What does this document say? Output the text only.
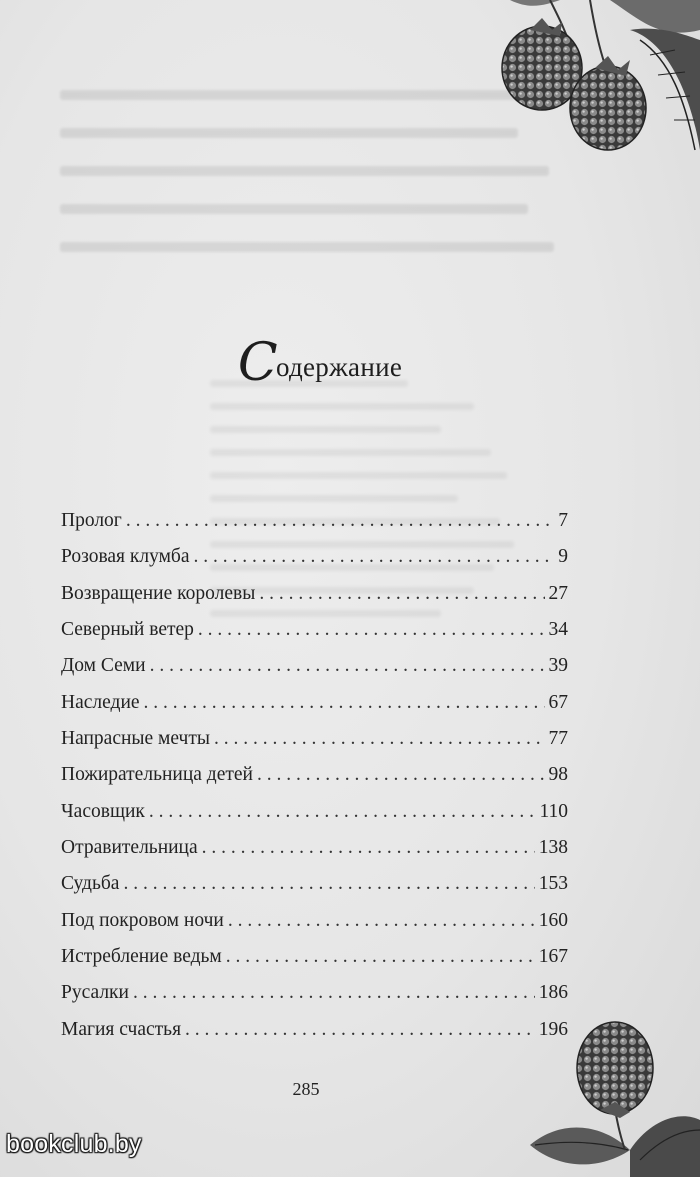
Содержание
Пролог . . .	7
Розовая клумба . . .	9
Возвращение королевы . . .	27
Северный ветер . . .	34
Дом Семи . . .	39
Наследие . . .	67
Напрасные мечты . . .	77
Пожирательница детей . . .	98
Часовщик . . .	110
Отравительница . . .	138
Судьба . . .	153
Под покровом ночи . . .	160
Истребление ведьм . . .	167
Русалки . . .	186
Магия счастья . . .	196
285
bookclub.by
